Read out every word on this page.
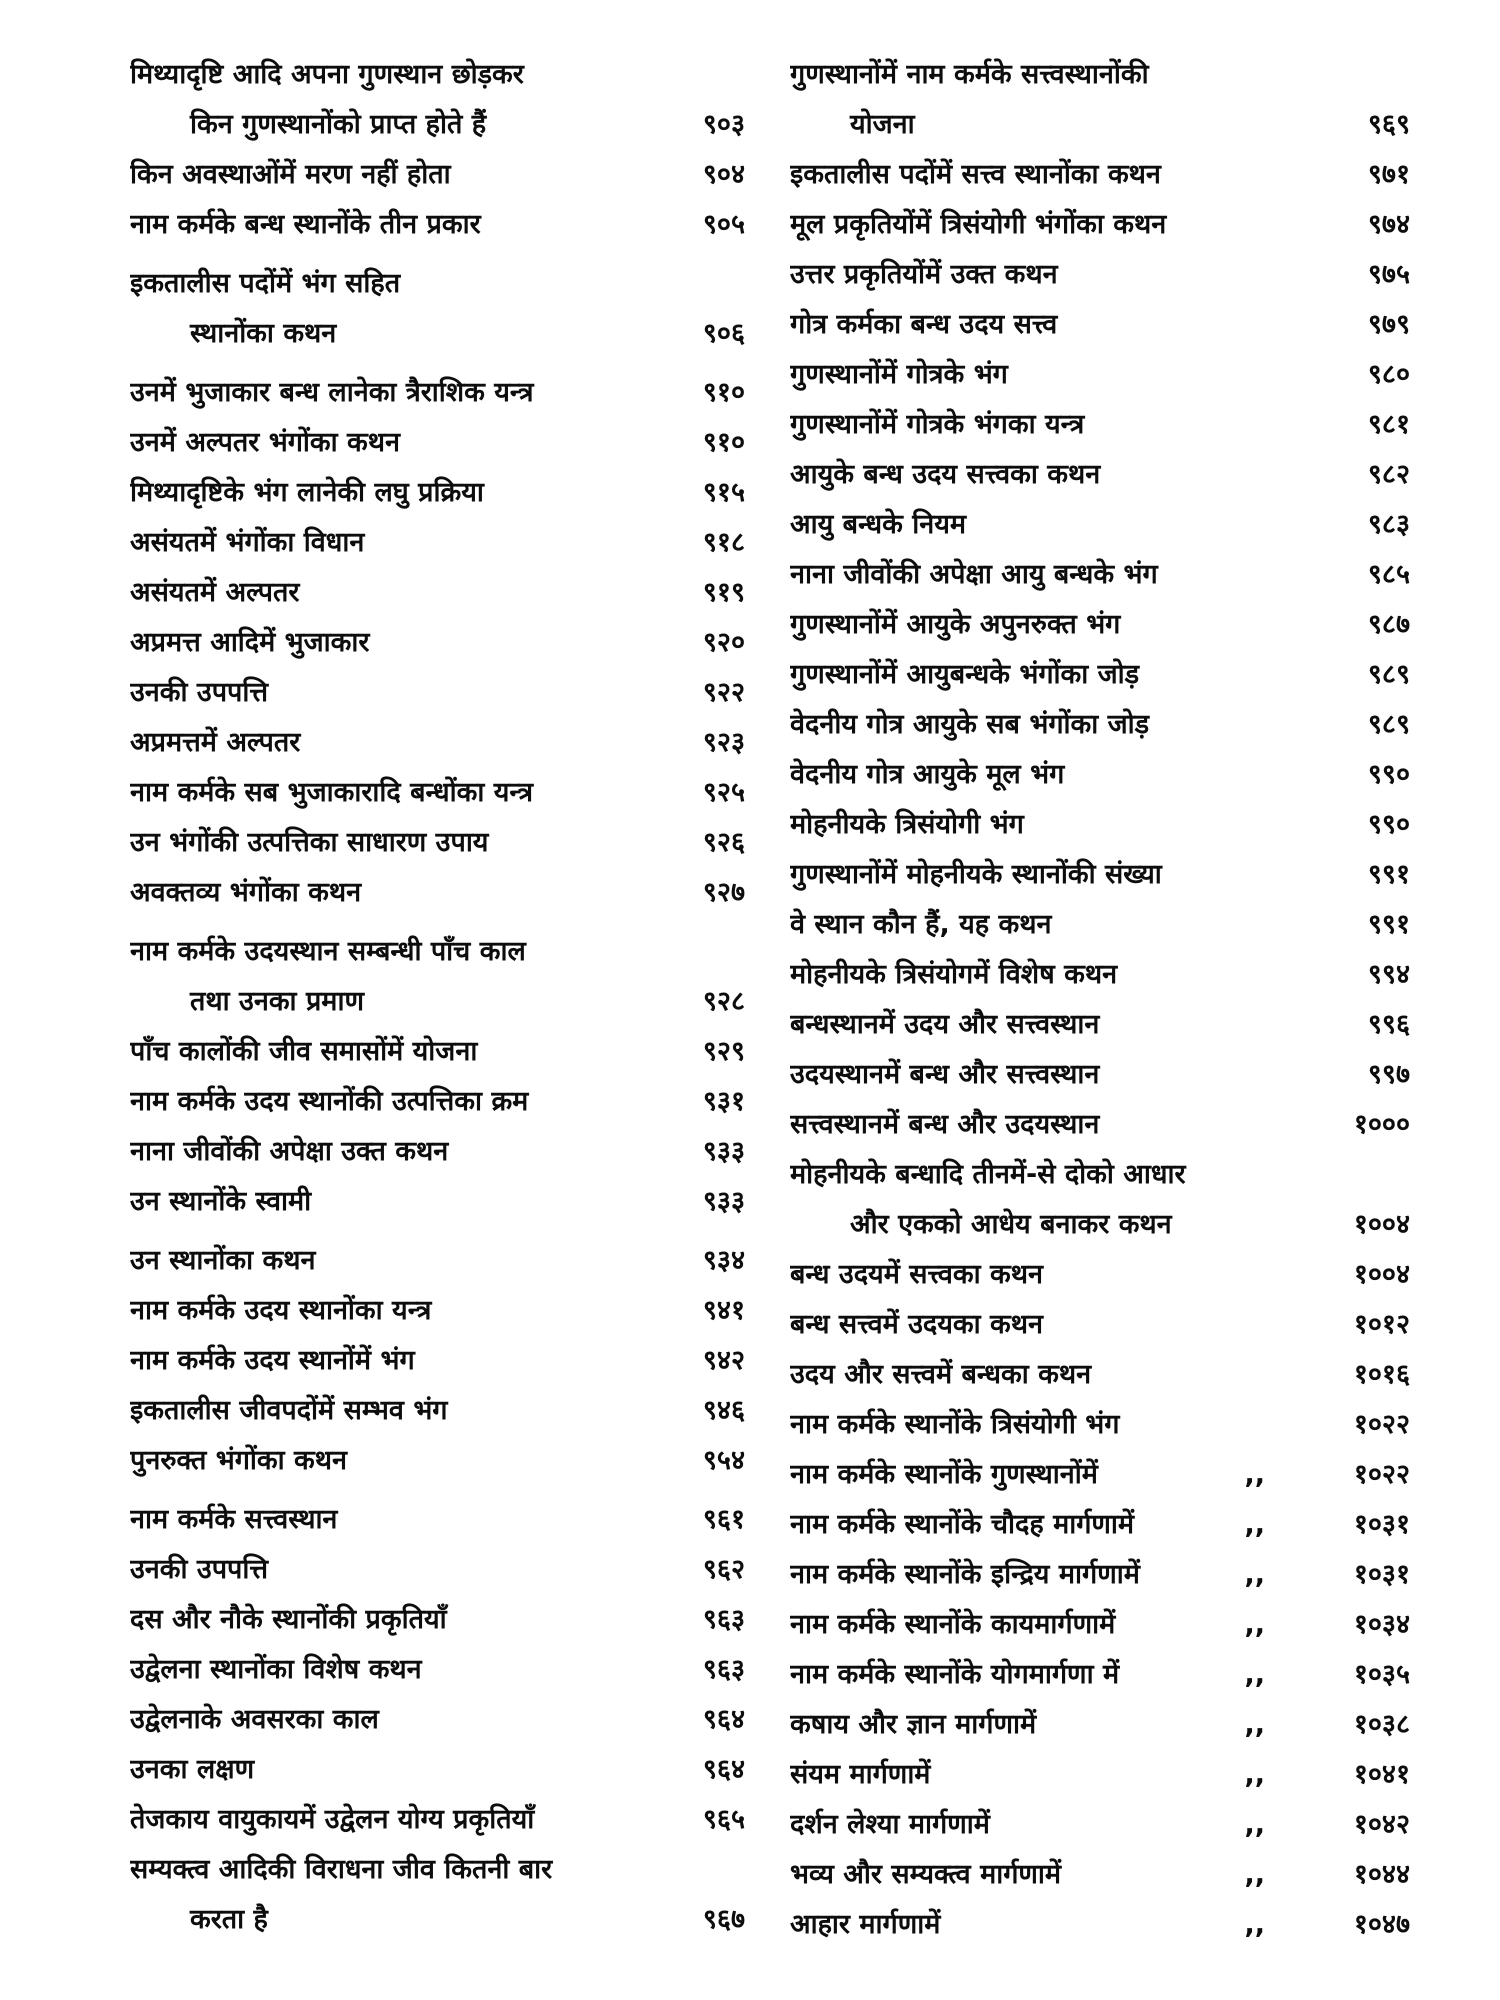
मिथ्यादृष्टि आदि अपना गुणस्थान छोड़कर
किन गुणस्थानोंको प्राप्त होते हैं	९०३
किन अवस्थाओंमें मरण नहीं होता	९०४
नाम कर्मके बन्ध स्थानोंके तीन प्रकार	९०५
इकतालीस पदोंमें भंग सहित
स्थानोंका कथन	९०६
उनमें भुजाकार बन्ध लानेका त्रैराशिक यन्त्र	९१०
उनमें अल्पतर भंगोंका कथन	९१०
मिथ्यादृष्टिके भंग लानेकी लघु प्रक्रिया	९१५
असंयतमें भंगोंका विधान	९१८
असंयतमें अल्पतर	९१९
अप्रमत्त आदिमें भुजाकार	९२०
उनकी उपपत्ति	९२२
अप्रमत्तमें अल्पतर	९२३
नाम कर्मके सब भुजाकारादि बन्धोंका यन्त्र	९२५
उन भंगोंकी उत्पत्तिका साधारण उपाय	९२६
अवक्तव्य भंगोंका कथन	९२७
नाम कर्मके उदयस्थान सम्बन्धी पाँच काल
तथा उनका प्रमाण	९२८
पाँच कालोंकी जीव समासोंमें योजना	९२९
नाम कर्मके उदय स्थानोंकी उत्पत्तिका क्रम	९३१
नाना जीवोंकी अपेक्षा उक्त कथन	९३३
उन स्थानोंके स्वामी	९३३
उन स्थानोंका कथन	९३४
नाम कर्मके उदय स्थानोंका यन्त्र	९४१
नाम कर्मके उदय स्थानोंमें भंग	९४२
इकतालीस जीवपदोंमें सम्भव भंग	९४६
पुनरुक्त भंगोंका कथन	९५४
नाम कर्मके सत्त्वस्थान	९६१
उनकी उपपत्ति	९६२
दस और नौके स्थानोंकी प्रकृतियाँ	९६३
उद्वेलना स्थानोंका विशेष कथन	९६३
उद्वेलनाके अवसरका काल	९६४
उनका लक्षण	९६४
तेजकाय वायुकायमें उद्वेलन योग्य प्रकृतियाँ	९६५
सम्यक्त्व आदिकी विराधना जीव कितनी बार
करता है	९६७
गुणस्थानोंमें नाम कर्मके सत्त्वस्थानोंकी
योजना	९६९
इकतालीस पदोंमें सत्त्व स्थानोंका कथन	९७१
मूल प्रकृतियोंमें त्रिसंयोगी भंगोंका कथन	९७४
उत्तर प्रकृतियोंमें उक्त कथन	९७५
गोत्र कर्मका बन्ध उदय सत्त्व	९७९
गुणस्थानोंमें गोत्रके भंग	९८०
गुणस्थानोंमें गोत्रके भंगका यन्त्र	९८१
आयुके बन्ध उदय सत्त्वका कथन	९८२
आयु बन्धके नियम	९८३
नाना जीवोंकी अपेक्षा आयु बन्धके भंग	९८५
गुणस्थानोंमें आयुके अपुनरुक्त भंग	९८७
गुणस्थानोंमें आयुबन्धके भंगोंका जोड़	९८९
वेदनीय गोत्र आयुके सब भंगोंका जोड़	९८९
वेदनीय गोत्र आयुके मूल भंग	९९०
मोहनीयके त्रिसंयोगी भंग	९९०
गुणस्थानोंमें मोहनीयके स्थानोंकी संख्या	९९१
वे स्थान कौन हैं, यह कथन	९९१
मोहनीयके त्रिसंयोगमें विशेष कथन	९९४
बन्धस्थानमें उदय और सत्त्वस्थान	९९६
उदयस्थानमें बन्ध और सत्त्वस्थान	९९७
सत्त्वस्थानमें बन्ध और उदयस्थान	१०००
मोहनीयके बन्धादि तीनमें-से दोको आधार
और एकको आधेय बनाकर कथन	१००४
बन्ध उदयमें सत्त्वका कथन	१००४
बन्ध सत्त्वमें उदयका कथन	१०१२
उदय और सत्त्वमें बन्धका कथन	१०१६
नाम कर्मके स्थानोंके त्रिसंयोगी भंग	१०२२
नाम कर्मके स्थानोंके गुणस्थानोंमें	,,	१०२२
नाम कर्मके स्थानोंके चौदह मार्गणामें	,,	१०३१
नाम कर्मके स्थानोंके इन्द्रिय मार्गणामें	,,	१०३१
नाम कर्मके स्थानोंके कायमार्गणामें	,,	१०३४
नाम कर्मके स्थानोंके योगमार्गणा में	,,	१०३५
कषाय और ज्ञान मार्गणामें	,,	१०३८
संयम मार्गणामें	,,	१०४१
दर्शन लेश्या मार्गणामें	,,	१०४२
भव्य और सम्यक्त्व मार्गणामें	,,	१०४४
आहार मार्गणामें	,,	१०४७
